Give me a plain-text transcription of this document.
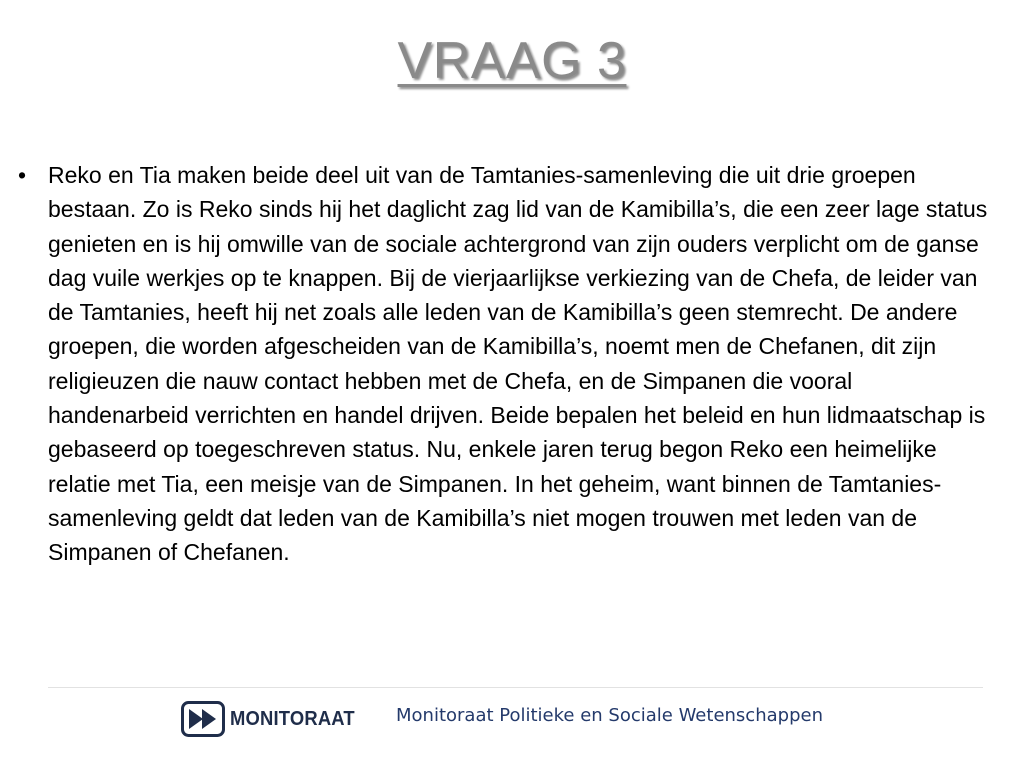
VRAAG 3
• Reko en Tia maken beide deel uit van de Tamtanies-samenleving die uit drie groepen bestaan. Zo is Reko sinds hij het daglicht zag lid van de Kamibilla’s, die een zeer lage status genieten en is hij omwille van de sociale achtergrond van zijn ouders verplicht om de ganse dag vuile werkjes op te knappen. Bij de vierjaarlijkse verkiezing van de Chefa, de leider van de Tamtanies, heeft hij net zoals alle leden van de Kamibilla’s geen stemrecht. De andere groepen, die worden afgescheiden van de Kamibilla’s, noemt men de Chefanen, dit zijn religieuzen die nauw contact hebben met de Chefa, en de Simpanen die vooral handenarbeid verrichten en handel drijven. Beide bepalen het beleid en hun lidmaatschap is gebaseerd op toegeschreven status. Nu, enkele jaren terug begon Reko een heimelijke relatie met Tia, een meisje van de Simpanen. In het geheim, want binnen de Tamtanies-samenleving geldt dat leden van de Kamibilla’s niet mogen trouwen met leden van de Simpanen of Chefanen.

MONITORAAT Monitoraat Politieke en Sociale Wetenschappen
